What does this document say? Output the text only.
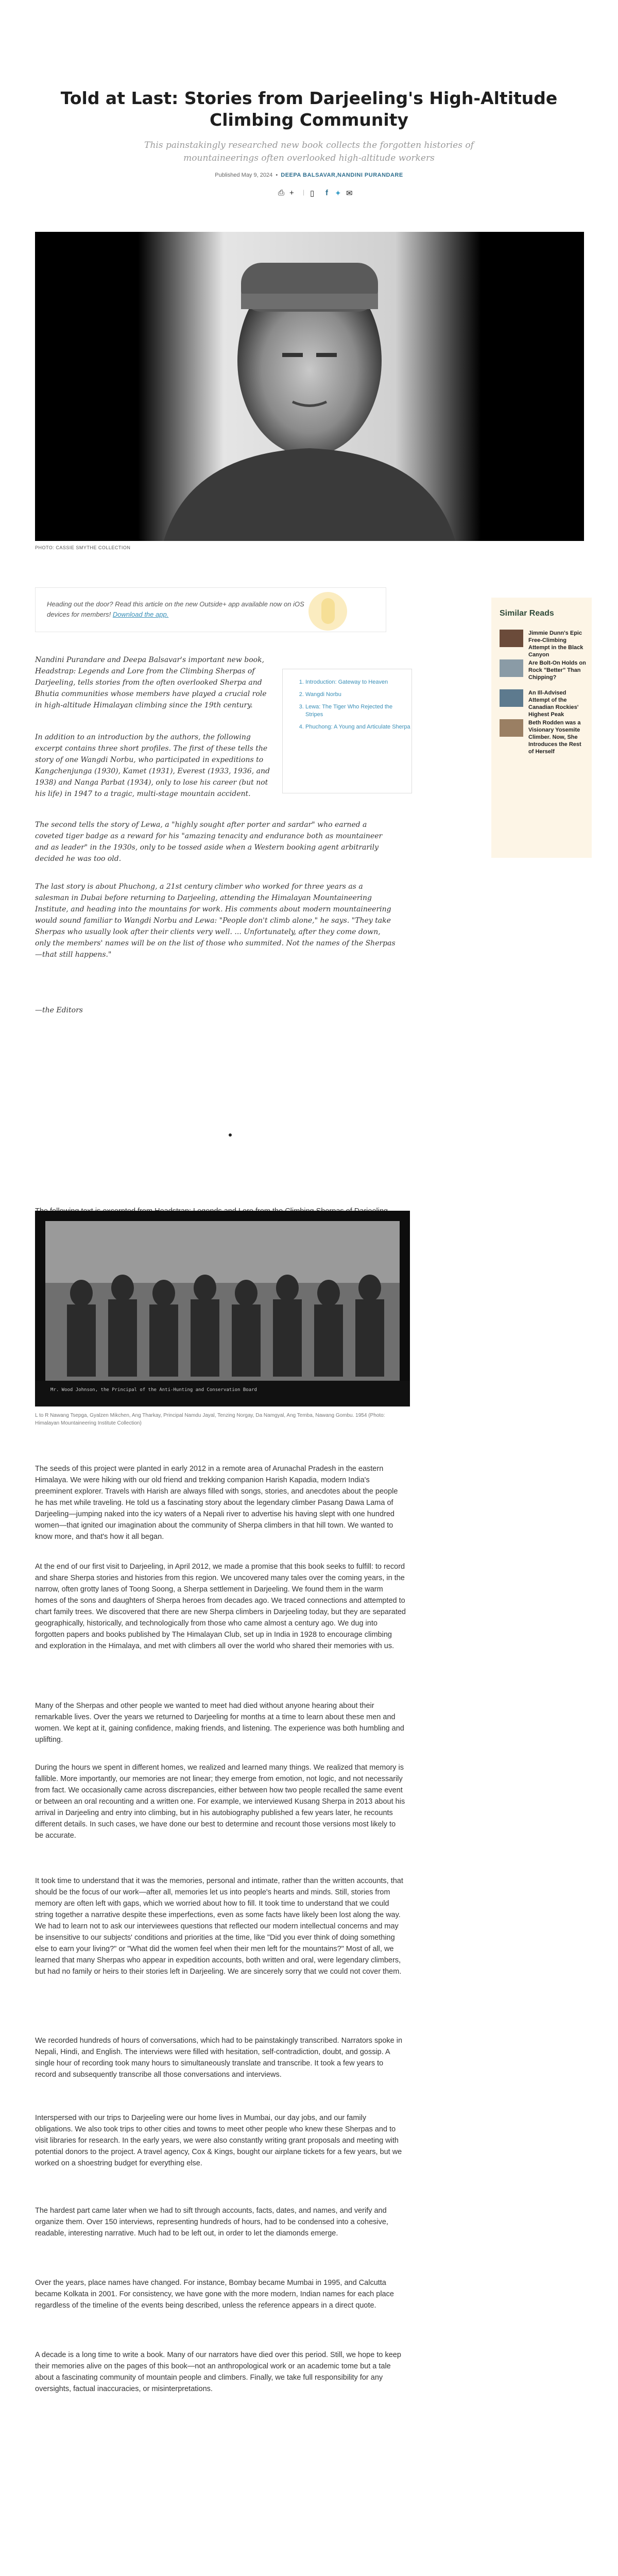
Told at Last: Stories from Darjeeling's High-Altitude Climbing Community
This painstakingly researched new book collects the forgotten histories of mountaineerings often overlooked high-altitude workers
Published May 9, 2024  •  DEEPA BALSAVAR,NANDINI PURANDARE
⎙ + | ▯ f ✦ ✉
PHOTO: CASSIE SMYTHE COLLECTION

Heading out the door? Read this article on the new Outside+ app available now on iOS devices for members! Download the app.	Similar Reads
Jimmie Dunn's Epic Free-Climbing Attempt in the Black Canyon
Are Bolt-On Holds on Rock "Better" Than Chipping?
An Ill-Advised Attempt of the Canadian Rockies' Highest Peak
Beth Rodden was a Visionary Yosemite Climber. Now, She Introduces the Rest of Herself
1. Introduction: Gateway to Heaven
2. Wangdi Norbu
3. Lewa: The Tiger Who Rejected the Stripes
4. Phuchong: A Young and Articulate Sherpa

Nandini Purandare and Deepa Balsavar's important new book, Headstrap: Legends and Lore from the Climbing Sherpas of Darjeeling, tells stories from the often overlooked Sherpa and Bhutia communities whose members have played a crucial role in high-altitude Himalayan climbing since the 19th century.

In addition to an introduction by the authors, the following excerpt contains three short profiles. The first of these tells the story of one Wangdi Norbu, who participated in expeditions to Kangchenjunga (1930), Kamet (1931), Everest (1933, 1936, and 1938) and Nanga Parbat (1934), only to lose his career (but not his life) in 1947 to a tragic, multi-stage mountain accident.

The second tells the story of Lewa, a "highly sought after porter and sardar" who earned a coveted tiger badge as a reward for his "amazing tenacity and endurance both as mountaineer and as leader" in the 1930s, only to be tossed aside when a Western booking agent arbitrarily decided he was too old.

The last story is about Phuchong, a 21st century climber who worked for three years as a salesman in Dubai before returning to Darjeeling, attending the Himalayan Mountaineering Institute, and heading into the mountains for work. His comments about modern mountaineering would sound familiar to Wangdi Norbu and Lewa: "People don't climb alone," he says. "They take Sherpas who usually look after their clients very well. ... Unfortunately, after they come down, only the members' names will be on the list of those who summited. Not the names of the Sherpas—that still happens."

—the Editors

Mr. Wood Johnson, the Principal of the Anti-Hunting and Conservation Board
L to R Nawang Tsepga, Gyalzen Mikchen, Ang Tharkay, Principal Namdu Jayal, Tenzing Norgay, Da Namgyal, Ang Temba, Nawang Gombu. 1954 (Photo: Himalayan Mountaineering Institute Collection)

The seeds of this project were planted in early 2012 in a remote area of Arunachal Pradesh in the eastern Himalaya. We were hiking with our old friend and trekking companion Harish Kapadia, modern India's preeminent explorer. Travels with Harish are always filled with songs, stories, and anecdotes about the people he has met while traveling. He told us a fascinating story about the legendary climber Pasang Dawa Lama of Darjeeling—jumping naked into the icy waters of a Nepali river to advertise his having slept with one hundred women—that ignited our imagination about the community of Sherpa climbers in that hill town. We wanted to know more, and that's how it all began.

At the end of our first visit to Darjeeling, in April 2012, we made a promise that this book seeks to fulfill: to record and share Sherpa stories and histories from this region. We uncovered many tales over the coming years, in the narrow, often grotty lanes of Toong Soong, a Sherpa settlement in Darjeeling. We found them in the warm homes of the sons and daughters of Sherpa heroes from decades ago. We traced connections and attempted to chart family trees. We discovered that there are new Sherpa climbers in Darjeeling today, but they are separated geographically, historically, and technologically from those who came almost a century ago. We dug into forgotten papers and books published by The Himalayan Club, set up in India in 1928 to encourage climbing and exploration in the Himalaya, and met with climbers all over the world who shared their memories with us.

Many of the Sherpas and other people we wanted to meet had died without anyone hearing about their remarkable lives. Over the years we returned to Darjeeling for months at a time to learn about these men and women. We kept at it, gaining confidence, making friends, and listening. The experience was both humbling and uplifting.

During the hours we spent in different homes, we realized and learned many things. We realized that memory is fallible. More importantly, our memories are not linear; they emerge from emotion, not logic, and not necessarily from fact. We occasionally came across discrepancies, either between how two people recalled the same event or between an oral recounting and a written one. For example, we interviewed Kusang Sherpa in 2013 about his arrival in Darjeeling and entry into climbing, but in his autobiography published a few years later, he recounts different details. In such cases, we have done our best to determine and recount those versions most likely to be accurate.

It took time to understand that it was the memories, personal and intimate, rather than the written accounts, that should be the focus of our work—after all, memories let us into people's hearts and minds. Still, stories from memory are often left with gaps, which we worried about how to fill. It took time to understand that we could string together a narrative despite these imperfections, even as some facts have likely been lost along the way. We had to learn not to ask our interviewees questions that reflected our modern intellectual concerns and may be insensitive to our subjects' conditions and priorities at the time, like "Did you ever think of doing something else to earn your living?" or "What did the women feel when their men left for the mountains?" Most of all, we learned that many Sherpas who appear in expedition accounts, both written and oral, were legendary climbers, but had no family or heirs to their stories left in Darjeeling. We are sincerely sorry that we could not cover them.

We recorded hundreds of hours of conversations, which had to be painstakingly transcribed. Narrators spoke in Nepali, Hindi, and English. The interviews were filled with hesitation, self-contradiction, doubt, and gossip. A single hour of recording took many hours to simultaneously translate and transcribe. It took a few years to record and subsequently transcribe all those conversations and interviews.

Interspersed with our trips to Darjeeling were our home lives in Mumbai, our day jobs, and our family obligations. We also took trips to other cities and towns to meet other people who knew these Sherpas and to visit libraries for research. In the early years, we were also constantly writing grant proposals and meeting with potential donors to the project. A travel agency, Cox & Kings, bought our airplane tickets for a few years, but we worked on a shoestring budget for everything else.

The hardest part came later when we had to sift through accounts, facts, dates, and names, and verify and organize them. Over 150 interviews, representing hundreds of hours, had to be condensed into a cohesive, readable, interesting narrative. Much had to be left out, in order to let the diamonds emerge.

Over the years, place names have changed. For instance, Bombay became Mumbai in 1995, and Calcutta became Kolkata in 2001. For consistency, we have gone with the more modern, Indian names for each place regardless of the timeline of the events being described, unless the reference appears in a direct quote.

A decade is a long time to write a book. Many of our narrators have died over this period. Still, we hope to keep their memories alive on the pages of this book—not an anthropological work or an academic tome but a tale about a fascinating community of mountain people and climbers. Finally, we take full responsibility for any oversights, factual inaccuracies, or misinterpretations.
